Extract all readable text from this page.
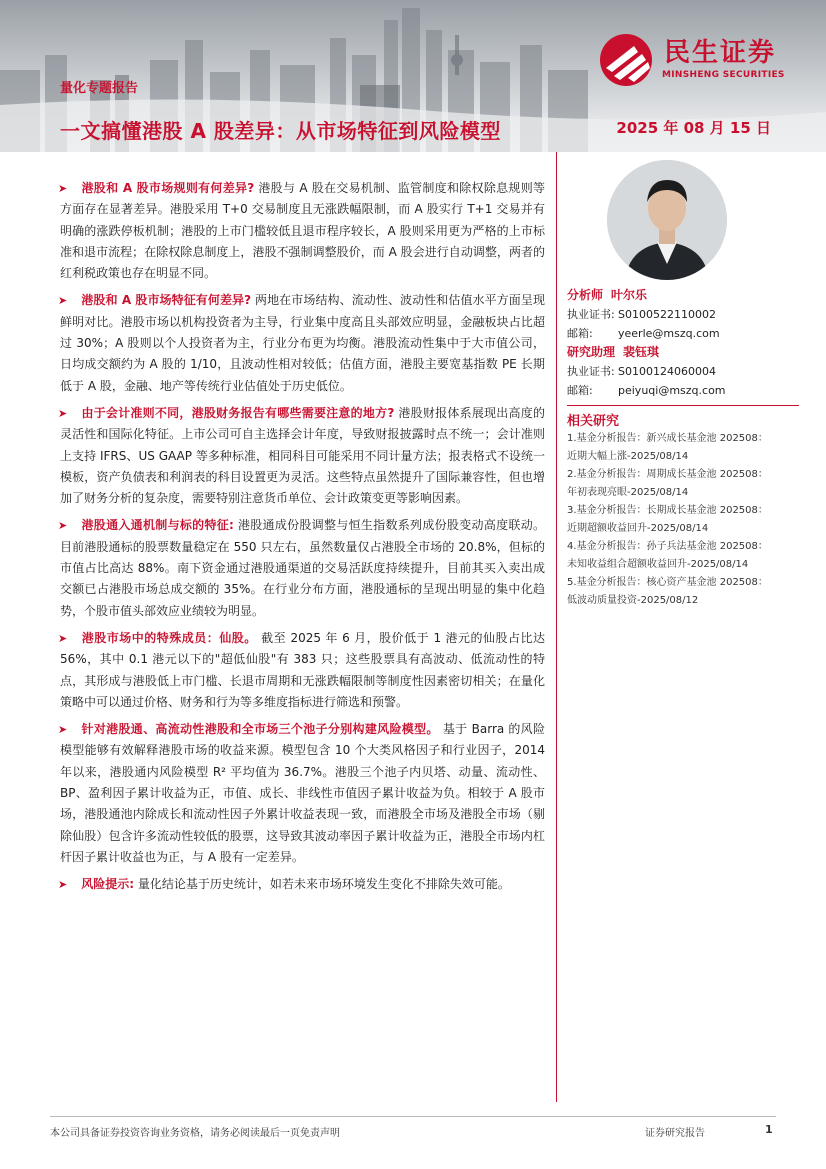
量化专题报告
一文搞懂港股 A 股差异：从市场特征到风险模型	2025 年 08 月 15 日
民生证券
MINSHENG SECURITIES

➤ 港股和 A 股市场规则有何差异? 港股与 A 股在交易机制、监管制度和除权除息规则等方面存在显著差异。港股采用 T+0 交易制度且无涨跌幅限制，而 A 股实行 T+1 交易并有明确的涨跌停板机制；港股的上市门槛较低且退市程序较长，A 股则采用更为严格的上市标准和退市流程；在除权除息制度上，港股不强制调整股价，而 A 股会进行自动调整，两者的红利税政策也存在明显不同。

➤ 港股和 A 股市场特征有何差异? 两地在市场结构、流动性、波动性和估值水平方面呈现鲜明对比。港股市场以机构投资者为主导，行业集中度高且头部效应明显，金融板块占比超过 30%；A 股则以个人投资者为主，行业分布更为均衡。港股流动性集中于大市值公司，日均成交额约为 A 股的 1/10，且波动性相对较低；估值方面，港股主要宽基指数 PE 长期低于 A 股，金融、地产等传统行业估值处于历史低位。

➤ 由于会计准则不同，港股财务报告有哪些需要注意的地方? 港股财报体系展现出高度的灵活性和国际化特征。上市公司可自主选择会计年度，导致财报披露时点不统一；会计准则上支持 IFRS、US GAAP 等多种标准，相同科目可能采用不同计量方法；报表格式不设统一模板，资产负债表和利润表的科目设置更为灵活。这些特点虽然提升了国际兼容性，但也增加了财务分析的复杂度，需要特别注意货币单位、会计政策变更等影响因素。

➤ 港股通入通机制与标的特征: 港股通成份股调整与恒生指数系列成份股变动高度联动。目前港股通标的股票数量稳定在 550 只左右，虽然数量仅占港股全市场的 20.8%，但标的市值占比高达 88%。南下资金通过港股通渠道的交易活跃度持续提升，目前其买入卖出成交额已占港股市场总成交额的 35%。在行业分布方面，港股通标的呈现出明显的集中化趋势，个股市值头部效应业绩较为明显。

➤ 港股市场中的特殊成员：仙股。 截至 2025 年 6 月，股价低于 1 港元的仙股占比达 56%，其中 0.1 港元以下的"超低仙股"有 383 只；这些股票具有高波动、低流动性的特点，其形成与港股低上市门槛、长退市周期和无涨跌幅限制等制度性因素密切相关；在量化策略中可以通过价格、财务和行为等多维度指标进行筛选和预警。

➤ 针对港股通、高流动性港股和全市场三个池子分别构建风险模型。 基于 Barra 的风险模型能够有效解释港股市场的收益来源。模型包含 10 个大类风格因子和行业因子，2014 年以来，港股通内风险模型 R² 平均值为 36.7%。港股三个池子内贝塔、动量、流动性、BP、盈利因子累计收益为正，市值、成长、非线性市值因子累计收益为负。相较于 A 股市场，港股通池内除成长和流动性因子外累计收益表现一致，而港股全市场及港股全市场（剔除仙股）包含许多流动性较低的股票，这导致其波动率因子累计收益为正，港股全市场内杠杆因子累计收益也为正，与 A 股有一定差异。

➤ 风险提示: 量化结论基于历史统计，如若未来市场环境发生变化不排除失效可能。

分析师 叶尔乐
执业证书: S0100522110002
邮箱: yeerle@mszq.com
研究助理 裴钰琪
执业证书: S0100124060004
邮箱: peiyuqi@mszq.com
相关研究
1.基金分析报告：新兴成长基金池 202508：
近期大幅上涨-2025/08/14
2.基金分析报告：周期成长基金池 202508：
年初表现亮眼-2025/08/14
3.基金分析报告：长期成长基金池 202508：
近期超额收益回升-2025/08/14
4.基金分析报告：孙子兵法基金池 202508：
未知收益组合超额收益回升-2025/08/14
5.基金分析报告：核心资产基金池 202508：
低波动质量投资-2025/08/12
本公司具备证券投资咨询业务资格，请务必阅读最后一页免责声明	证券研究报告	1
